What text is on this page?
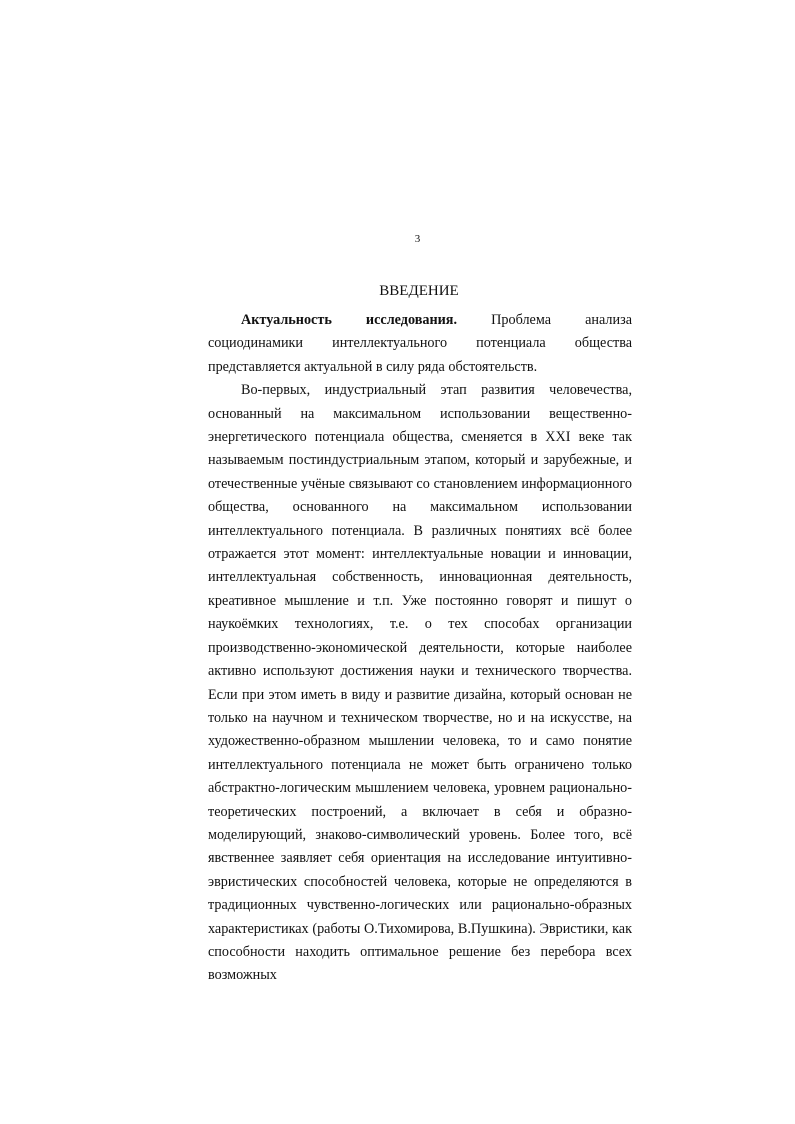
3
ВВЕДЕНИЕ

Актуальность исследования. Проблема анализа социодинамики интеллектуального потенциала общества представляется актуальной в силу ряда обстоятельств.

Во-первых, индустриальный этап развития человечества, основанный на максимальном использовании вещественно-энергетического потенциала общества, сменяется в XXI веке так называемым постиндустриальным этапом, который и зарубежные, и отечественные учёные связывают со становлением информационного общества, основанного на максимальном использовании интеллектуального потенциала. В различных понятиях всё более отражается этот момент: интеллектуальные новации и инновации, интеллектуальная собственность, инновационная деятельность, креативное мышление и т.п. Уже постоянно говорят и пишут о наукоёмких технологиях, т.е. о тех способах организации производственно-экономической деятельности, которые наиболее активно используют достижения науки и технического творчества. Если при этом иметь в виду и развитие дизайна, который основан не только на научном и техническом творчестве, но и на искусстве, на художественно-образном мышлении человека, то и само понятие интеллектуального потенциала не может быть ограничено только абстрактно-логическим мышлением человека, уровнем рационально-теоретических построений, а включает в себя и образно-моделирующий, знаково-символический уровень. Более того, всё явственнее заявляет себя ориентация на исследование интуитивно-эвристических способностей человека, которые не определяются в традиционных чувственно-логических или рационально-образных характеристиках (работы О.Тихомирова, В.Пушкина). Эвристики, как способности находить оптимальное решение без перебора всех возможных
